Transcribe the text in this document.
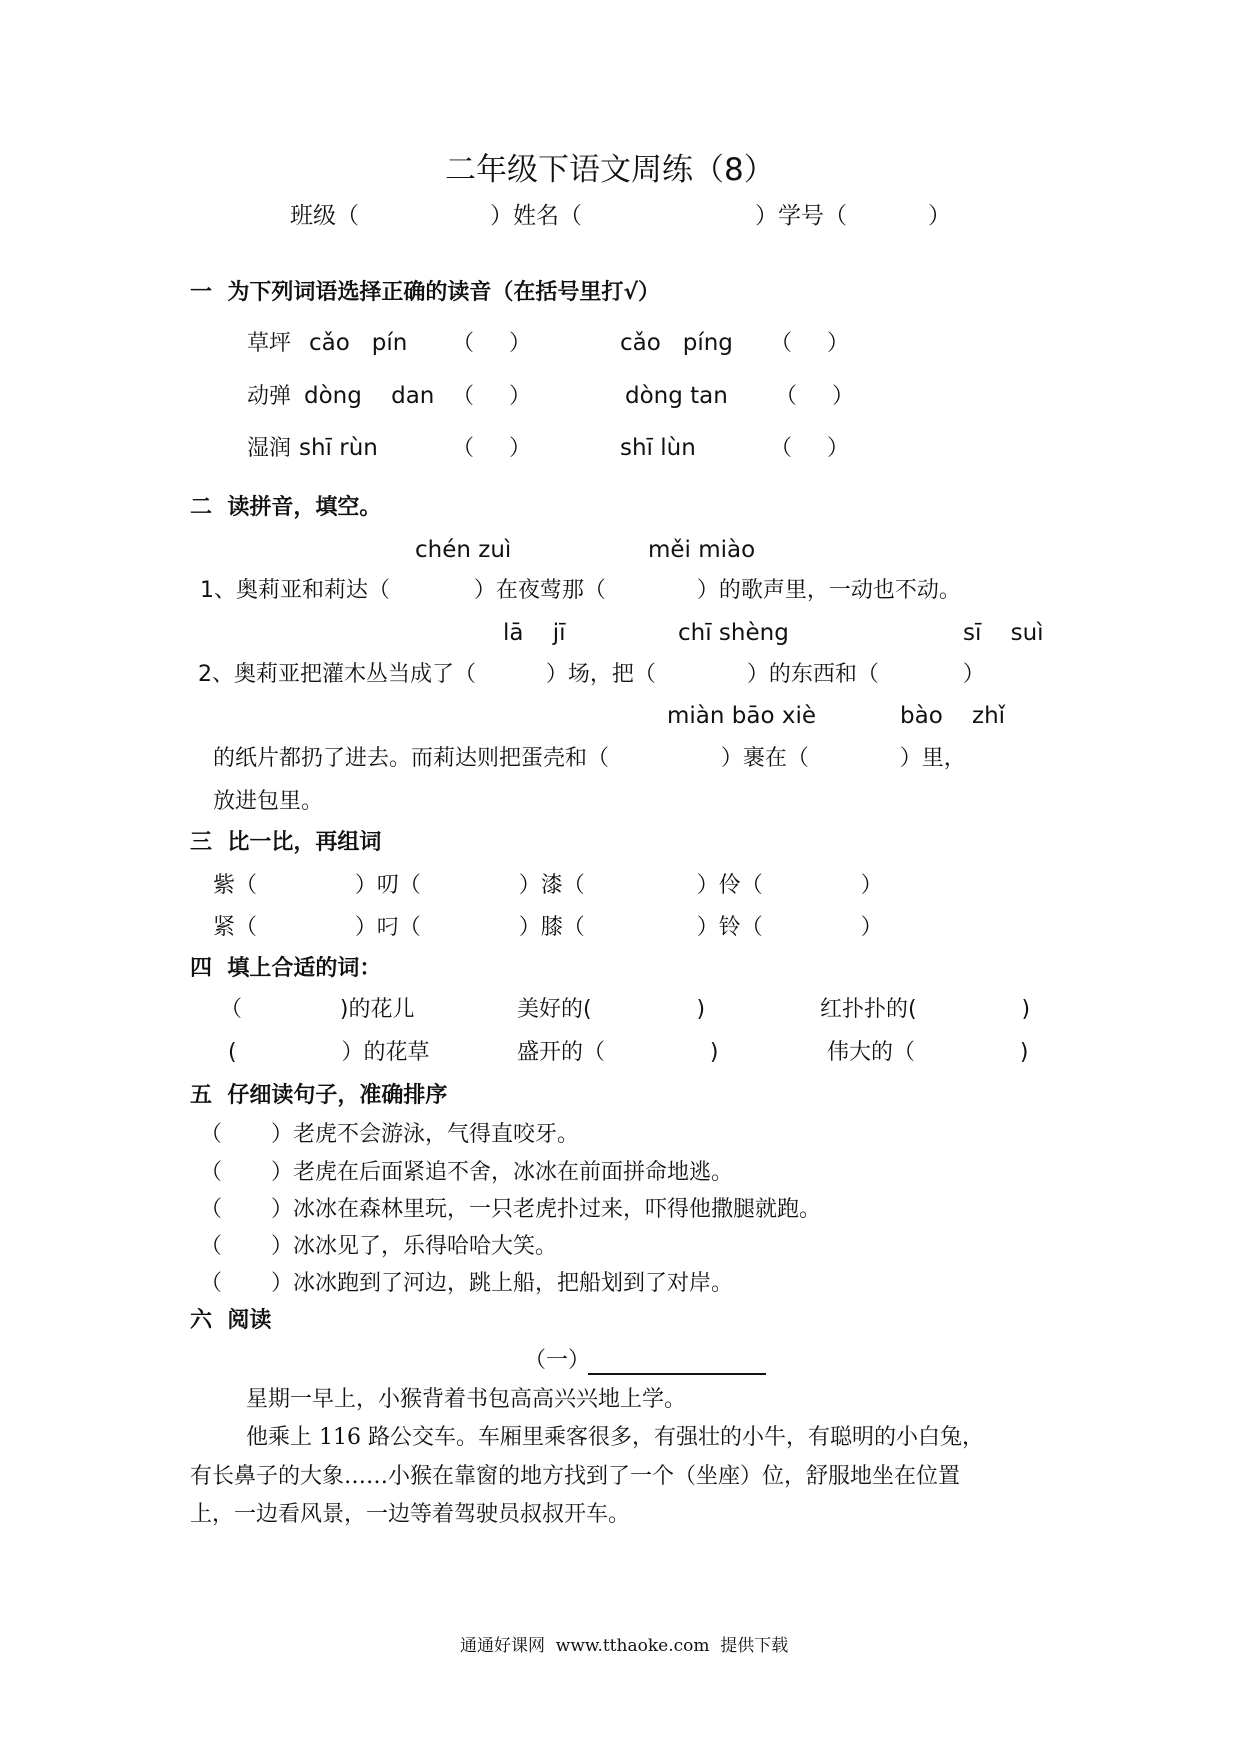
二年级下语文周练（8）
班级（	）姓名（	）学号（	）
一  为下列词语选择正确的读音（在括号里打√）
草坪 cǎo   pín （     ）	cǎo   píng （     ）
动弹 dòng    dan （     ）	dòng tan （     ）
湿润 shī rùn	（     ）	shī lùn	（     ）
二  读拼音，填空。
chén zuì	měi miào
1、奥莉亚和莉达（            ）在夜莺那（             ）的歌声里，一动也不动。
lā    jī	chī shèng	sī    suì
2、奥莉亚把灌木丛当成了（          ）场，把（             ）的东西和（            ）
miàn bāo xiè	bào    zhǐ
的纸片都扔了进去。而莉达则把蛋壳和（                ）裹在（             ）里，
放进包里。
三  比一比，再组词
紫（              ）叨（              ）漆（                ）伶（              ）
紧（              ）叼（              ）膝（                ）铃（              ）
四  填上合适的词：
（              )的花儿	美好的(               )	红扑扑的(               )
(               ）的花草	盛开的（               )	伟大的（               )
五  仔细读句子，准确排序
（       ）老虎不会游泳，气得直咬牙。
（       ）老虎在后面紧追不舍，冰冰在前面拼命地逃。
（       ）冰冰在森林里玩，一只老虎扑过来，吓得他撒腿就跑。
（       ）冰冰见了，乐得哈哈大笑。
（       ）冰冰跑到了河边，跳上船，把船划到了对岸。
六  阅读
（一）
星期一早上，小猴背着书包高高兴兴地上学。
他乘上 116 路公交车。车厢里乘客很多，有强壮的小牛，有聪明的小白兔，
有长鼻子的大象……小猴在靠窗的地方找到了一个（坐座）位，舒服地坐在位置
上，一边看风景，一边等着驾驶员叔叔开车。
通通好课网  www.tthaoke.com  提供下载
